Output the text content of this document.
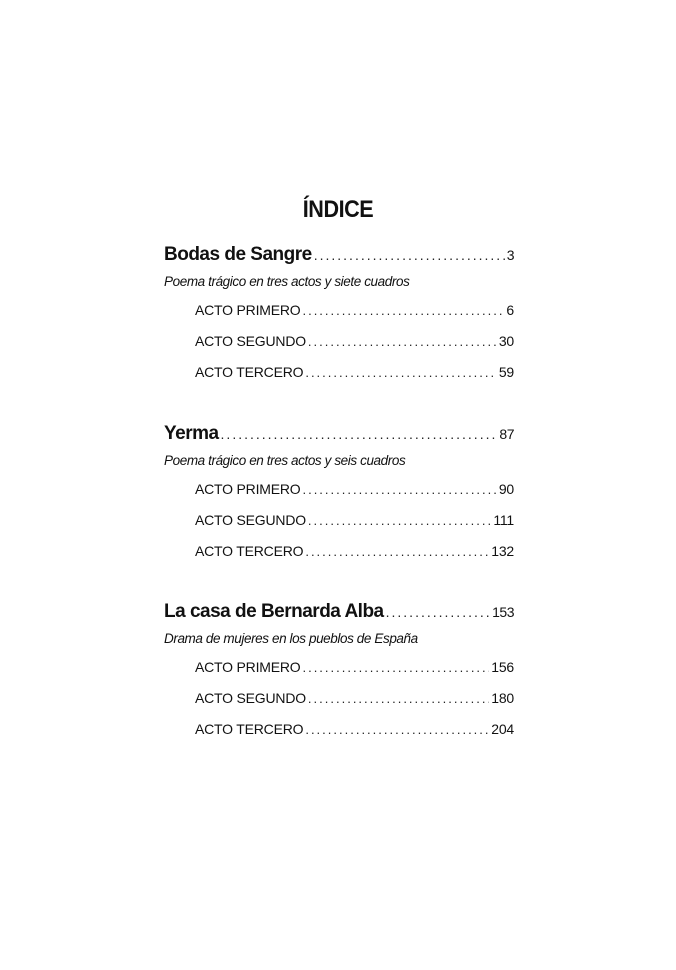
ÍNDICE
Bodas de Sangre .....	3
Poema trágico en tres actos y siete cuadros
ACTO PRIMERO .....	6
ACTO SEGUNDO .....	30
ACTO TERCERO .....	59
Yerma .....	87
Poema trágico en tres actos y seis cuadros
ACTO PRIMERO .....	90
ACTO SEGUNDO .....	111
ACTO TERCERO .....	132
La casa de Bernarda Alba .....	153
Drama de mujeres en los pueblos de España
ACTO PRIMERO .....	156
ACTO SEGUNDO .....	180
ACTO TERCERO .....	204
